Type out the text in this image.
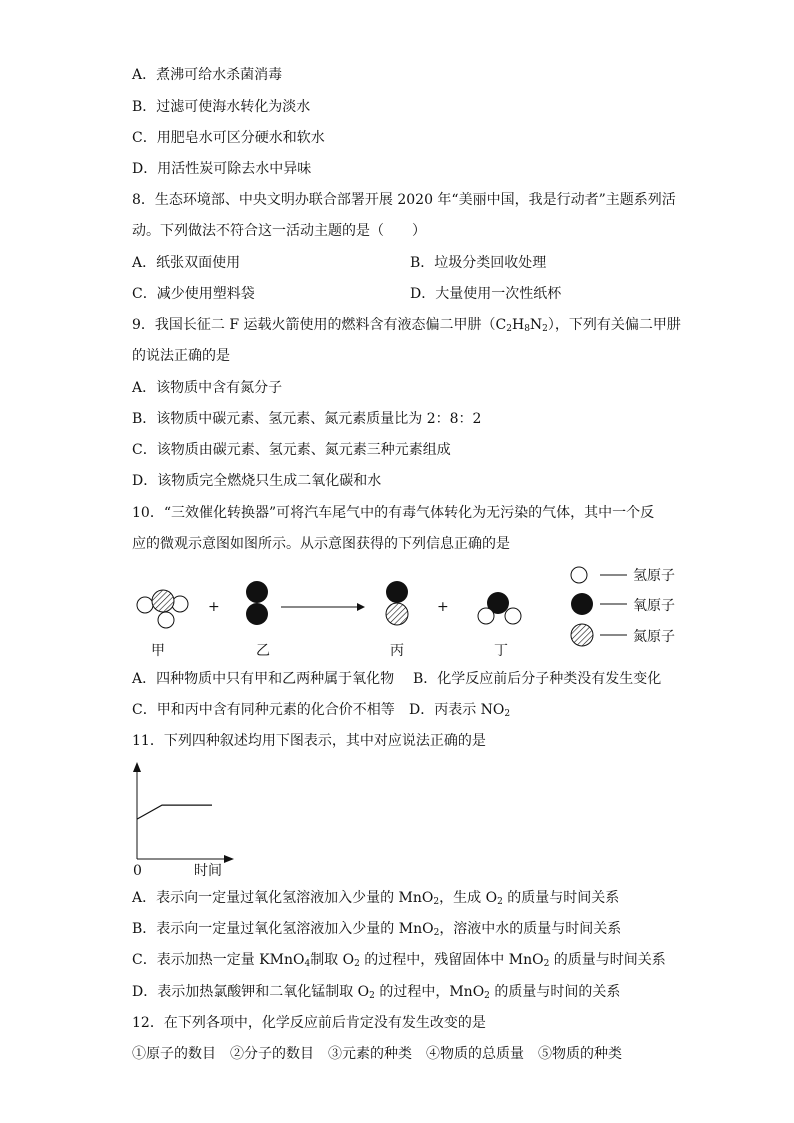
A．煮沸可给水杀菌消毒
B．过滤可使海水转化为淡水
C．用肥皂水可区分硬水和软水
D．用活性炭可除去水中异味
8．生态环境部、中央文明办联合部署开展 2020 年“美丽中国，我是行动者”主题系列活
动。下列做法不符合这一活动主题的是（　　）
A．纸张双面使用	B．垃圾分类回收处理
C．减少使用塑料袋	D．大量使用一次性纸杯
9．我国长征二 F 运载火箭使用的燃料含有液态偏二甲肼$(C_2H_8N_2)$，下列有关偏二甲肼
的说法正确的是
A．该物质中含有氮分子
B．该物质中碳元素、氢元素、氮元素质量比为 2：8：2
C．该物质由碳元素、氢元素、氮元素三种元素组成
D．该物质完全燃烧只生成二氧化碳和水
10．“三效催化转换器”可将汽车尾气中的有毒气体转化为无污染的气体，其中一个反
应的微观示意图如图所示。从示意图获得的下列信息正确的是
+	+
甲	乙	丙	丁
氢原子
氧原子
氮原子
A．四种物质中只有甲和乙两种属于氧化物 B．化学反应前后分子种类没有发生变化
C．甲和丙中含有同种元素的化合价不相等 D．丙表示 $NO_2$
11．下列四种叙述均用下图表示，其中对应说法正确的是
0	时间
A．表示向一定量过氧化氢溶液加入少量的 MnO$_2$，生成 $O_2$ 的质量与时间关系
B．表示向一定量过氧化氢溶液加入少量的 MnO$_2$，溶液中水的质量与时间关系
C．表示加热一定量 KMnO$_4$制取 $O_2$ 的过程中，残留固体中 MnO$_2$ 的质量与时间关系
D．表示加热氯酸钾和二氧化锰制取 $O_2$ 的过程中，MnO$_2$ 的质量与时间的关系
12．在下列各项中，化学反应前后肯定没有发生改变的是
①原子的数目　②分子的数目　③元素的种类　④物质的总质量　⑤物质的种类
